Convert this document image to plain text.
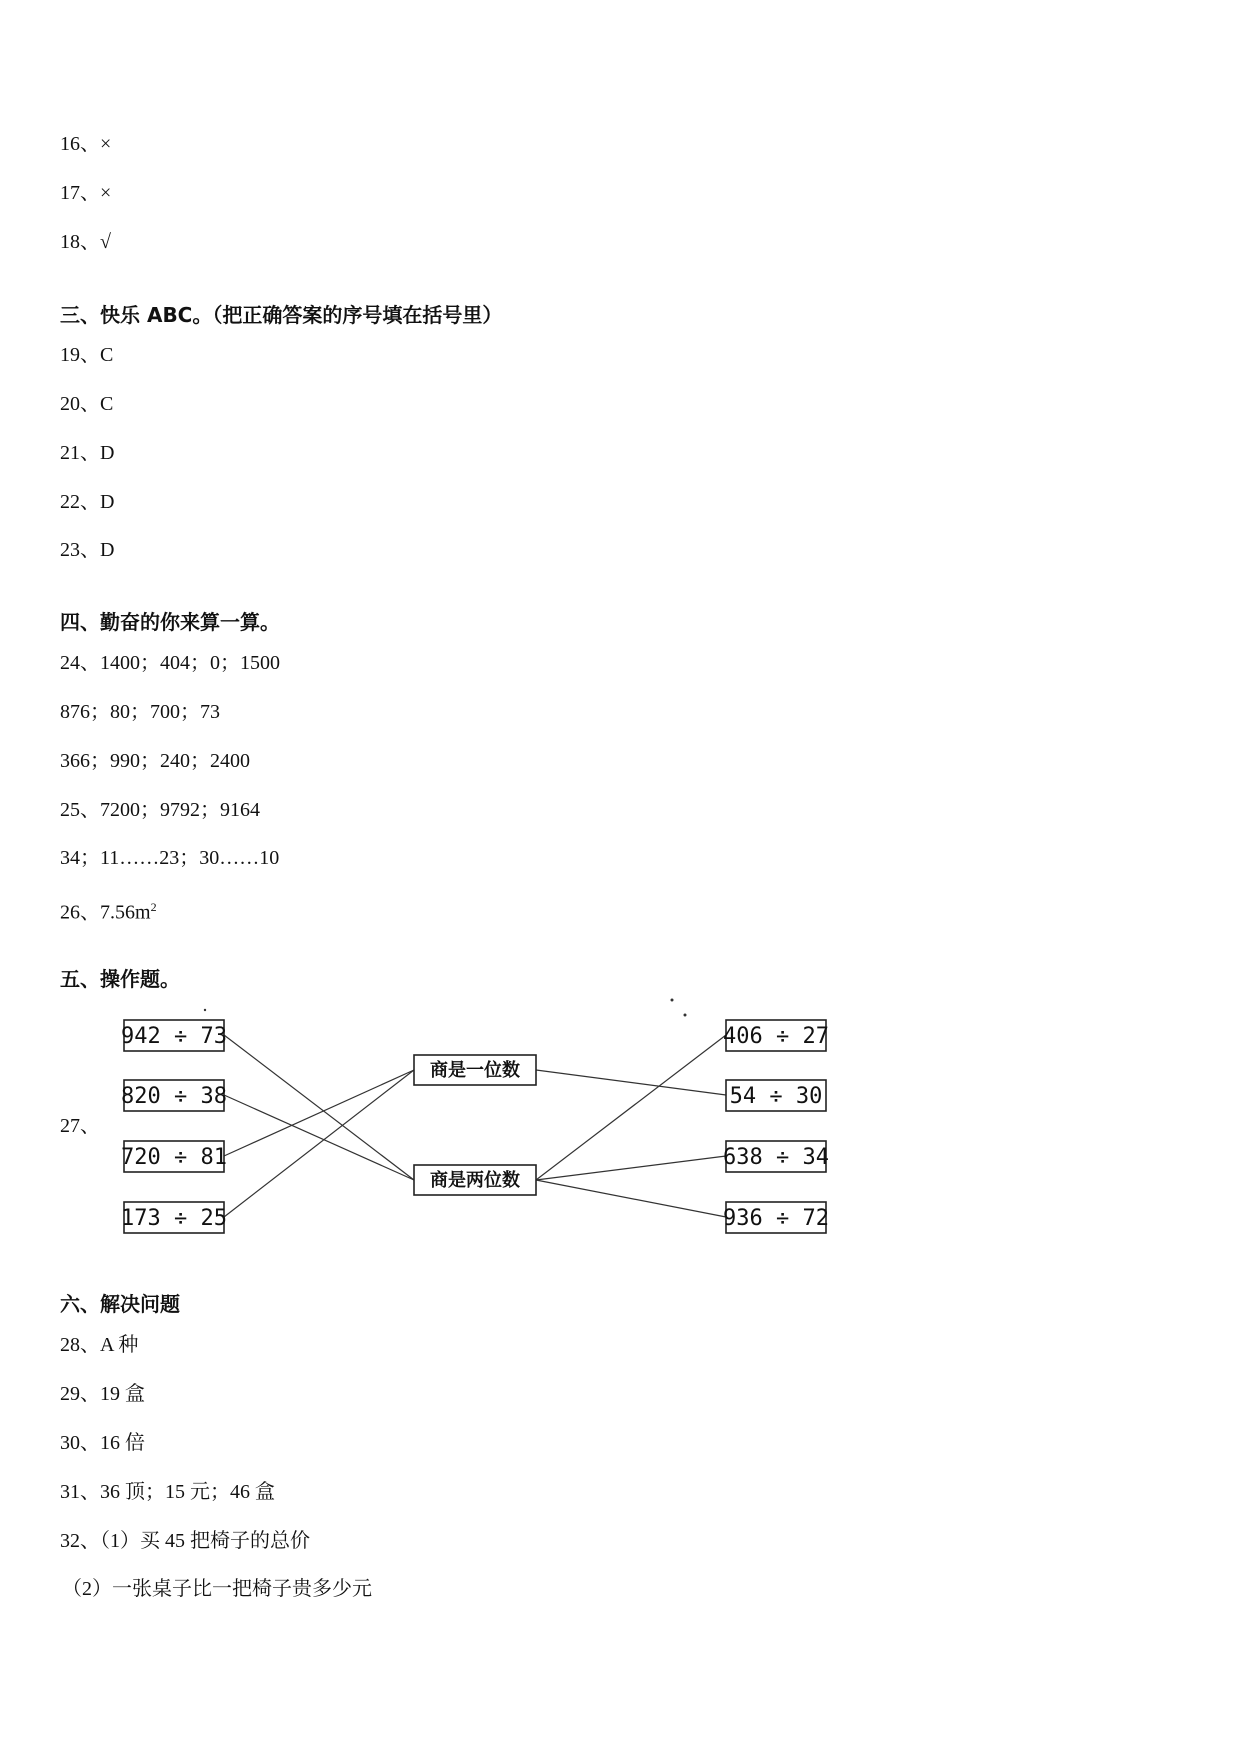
16、×
17、×
18、√
三、快乐 ABC。（把正确答案的序号填在括号里）
19、C
20、C
21、D
22、D
23、D
四、勤奋的你来算一算。
24、1400；404；0；1500
876；80；700；73
366；990；240；2400
25、7200；9792；9164
34；11……23；30……10
26、$7.56m^2$
五、操作题。
27、
942 ÷ 73
820 ÷ 38
720 ÷ 81
173 ÷ 25
商是一位数
商是两位数
406 ÷ 27
54 ÷ 30
638 ÷ 34
936 ÷ 72
六、解决问题
28、A 种
29、19 盒
30、16 倍
31、36 顶；15 元；46 盒
32、（1）买 45 把椅子的总价
（2）一张桌子比一把椅子贵多少元
